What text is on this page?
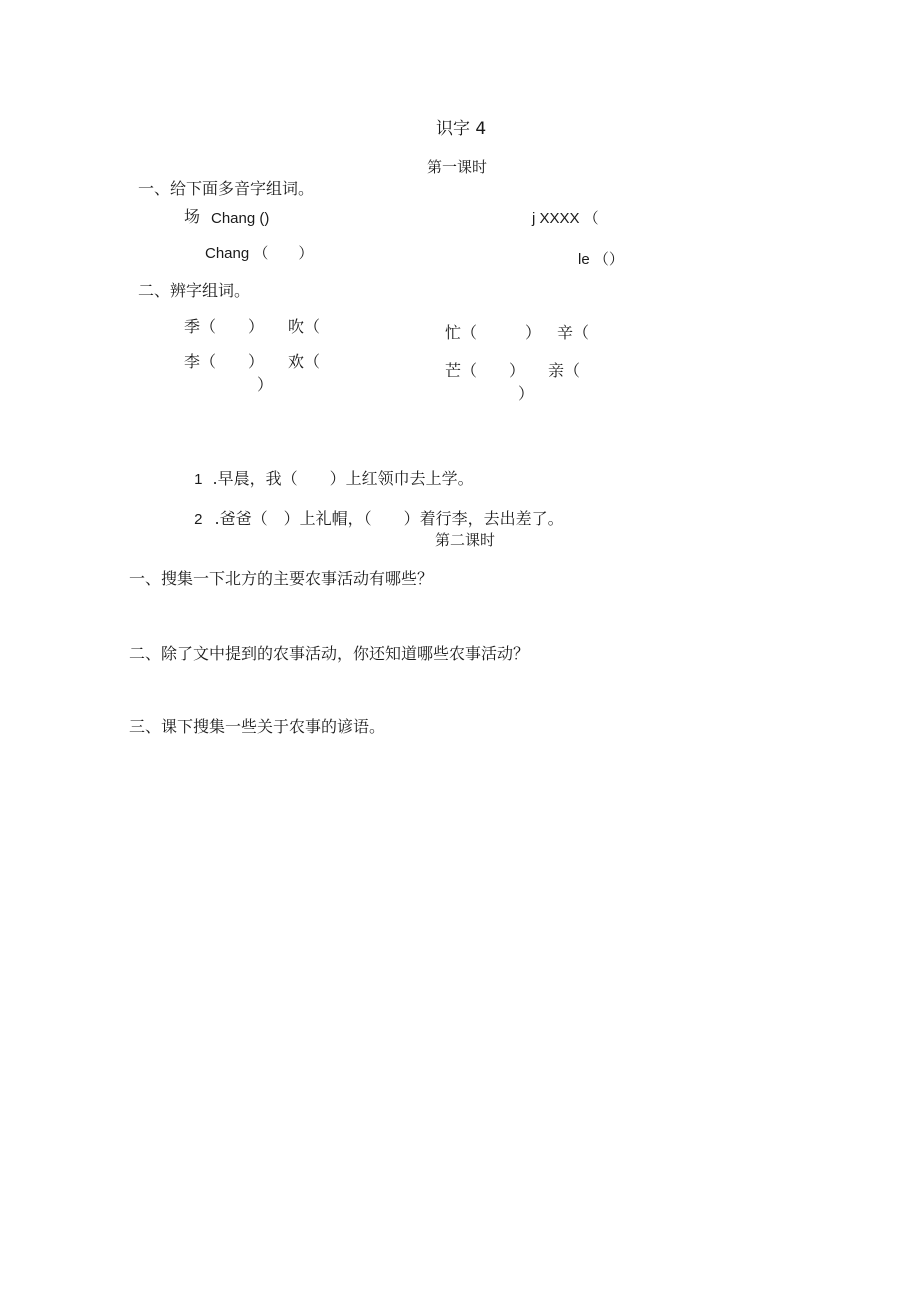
识字 4
第一课时
一、给下面多音字组词。
场 Chang ()	j XXXX （
Chang （　　）	le （）
二、辨字组词。
季（　　） 吹（
李（　　） 欢（
）
忙（　　　） 辛（
芒（　　） 亲（
）

1 .早晨，我（　　）上红领巾去上学。

2 .爸爸（　）上礼帽，（　　）着行李，去出差了。

第二课时
一、搜集一下北方的主要农事活动有哪些？
二、除了文中提到的农事活动，你还知道哪些农事活动？
三、课下搜集一些关于农事的谚语。
